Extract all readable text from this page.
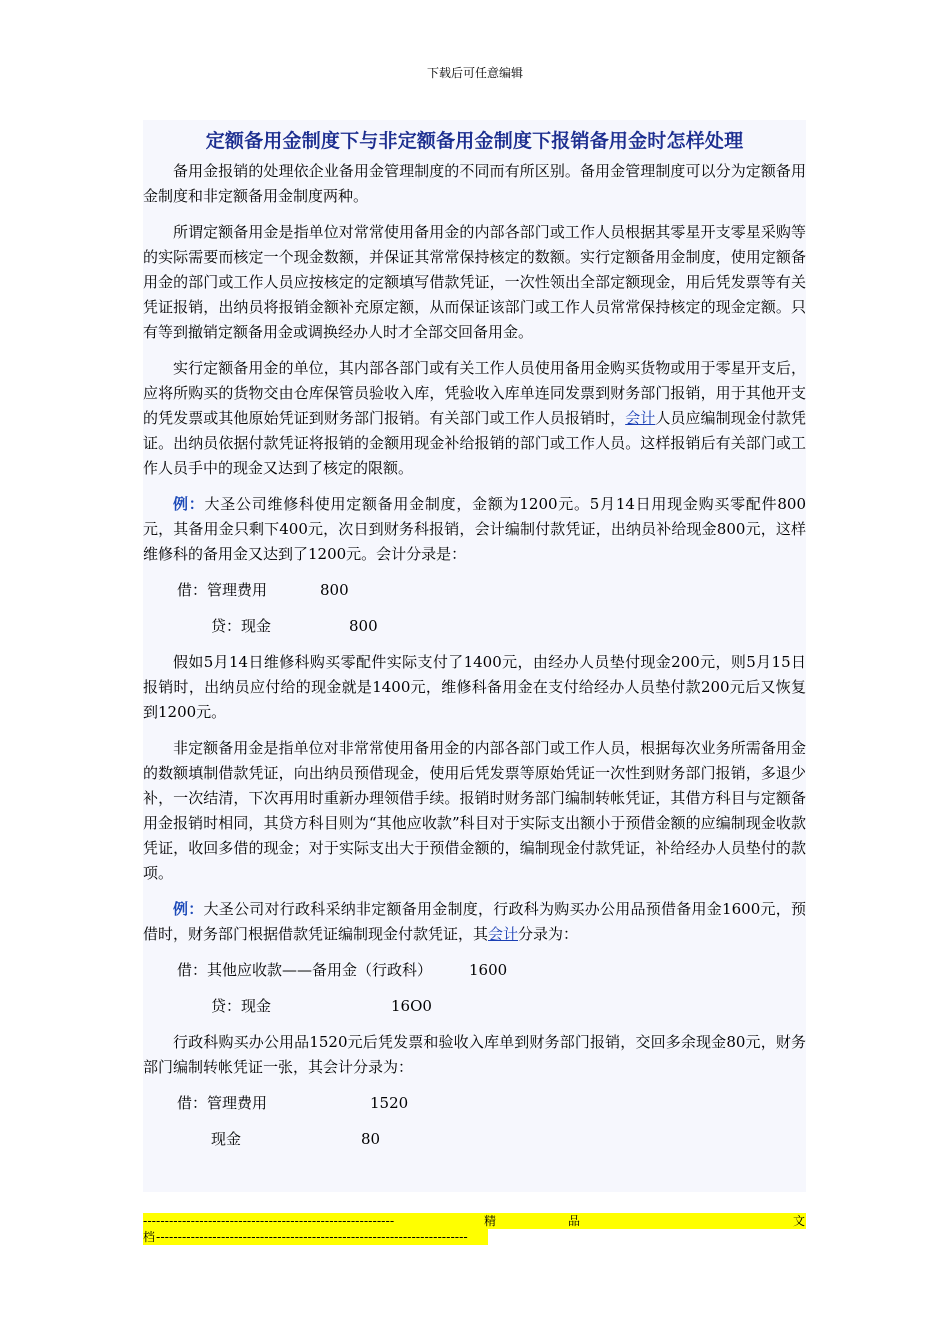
下载后可任意编辑
定额备用金制度下与非定额备用金制度下报销备用金时怎样处理

备用金报销的处理依企业备用金管理制度的不同而有所区别。备用金管理制度可以分为定额备用金制度和非定额备用金制度两种。

所谓定额备用金是指单位对常常使用备用金的内部各部门或工作人员根据其零星开支零星采购等的实际需要而核定一个现金数额，并保证其常常保持核定的数额。实行定额备用金制度，使用定额备用金的部门或工作人员应按核定的定额填写借款凭证，一次性领出全部定额现金，用后凭发票等有关凭证报销，出纳员将报销金额补充原定额，从而保证该部门或工作人员常常保持核定的现金定额。只有等到撤销定额备用金或调换经办人时才全部交回备用金。

实行定额备用金的单位，其内部各部门或有关工作人员使用备用金购买货物或用于零星开支后，应将所购买的货物交由仓库保管员验收入库，凭验收入库单连同发票到财务部门报销，用于其他开支的凭发票或其他原始凭证到财务部门报销。有关部门或工作人员报销时，会计人员应编制现金付款凭证。出纳员依据付款凭证将报销的金额用现金补给报销的部门或工作人员。这样报销后有关部门或工作人员手中的现金又达到了核定的限额。

例：大圣公司维修科使用定额备用金制度，金额为1200元。5月14日用现金购买零配件800元，其备用金只剩下400元，次日到财务科报销，会计编制付款凭证，出纳员补给现金800元，这样维修科的备用金又达到了1200元。会计分录是：

借：管理费用	800
贷：现金	800

假如5月14日维修科购买零配件实际支付了1400元，由经办人员垫付现金200元，则5月15日报销时，出纳员应付给的现金就是1400元，维修科备用金在支付给经办人员垫付款200元后又恢复到1200元。

非定额备用金是指单位对非常常使用备用金的内部各部门或工作人员，根据每次业务所需备用金的数额填制借款凭证，向出纳员预借现金，使用后凭发票等原始凭证一次性到财务部门报销，多退少补，一次结清，下次再用时重新办理领借手续。报销时财务部门编制转帐凭证，其借方科目与定额备用金报销时相同，其贷方科目则为“其他应收款”科目对于实际支出额小于预借金额的应编制现金收款凭证，收回多借的现金；对于实际支出大于预借金额的，编制现金付款凭证，补给经办人员垫付的款项。

例：大圣公司对行政科采纳非定额备用金制度，行政科为购买办公用品预借备用金1600元，预借时，财务部门根据借款凭证编制现金付款凭证，其会计分录为：

借：其他应收款——备用金（行政科） 1600
贷：现金	16O0

行政科购买办公用品1520元后凭发票和验收入库单到财务部门报销，交回多余现金80元，财务部门编制转帐凭证一张，其会计分录为：

借：管理费用	1520
现金	80
----------------------------------------------------------	精	品	文
档 ------------------------------------------------------------------------
